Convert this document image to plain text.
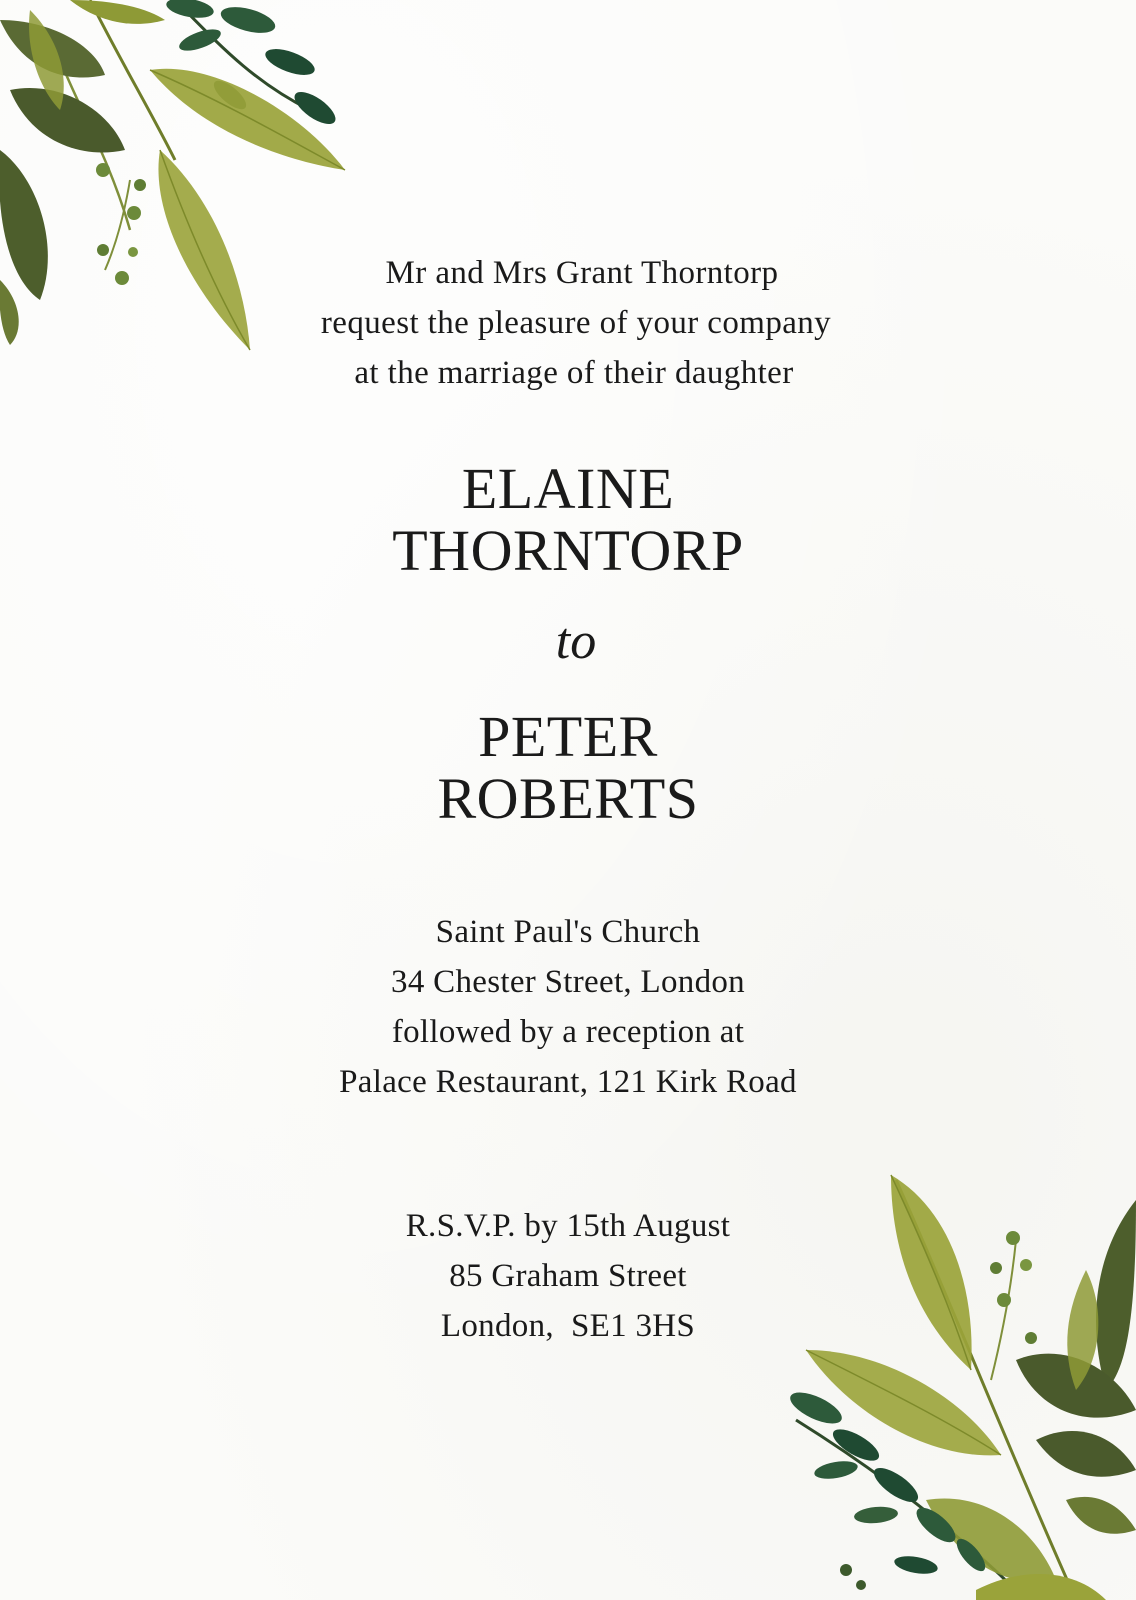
Mr and Mrs Grant Thorntorp
request the pleasure of your company
at the marriage of their daughter
ELAINE
THORNTORP
to
PETER
ROBERTS
Saint Paul's Church
34 Chester Street, London
followed by a reception at
Palace Restaurant, 121 Kirk Road
R.S.V.P. by 15th August
85 Graham Street
London,  SE1 3HS
